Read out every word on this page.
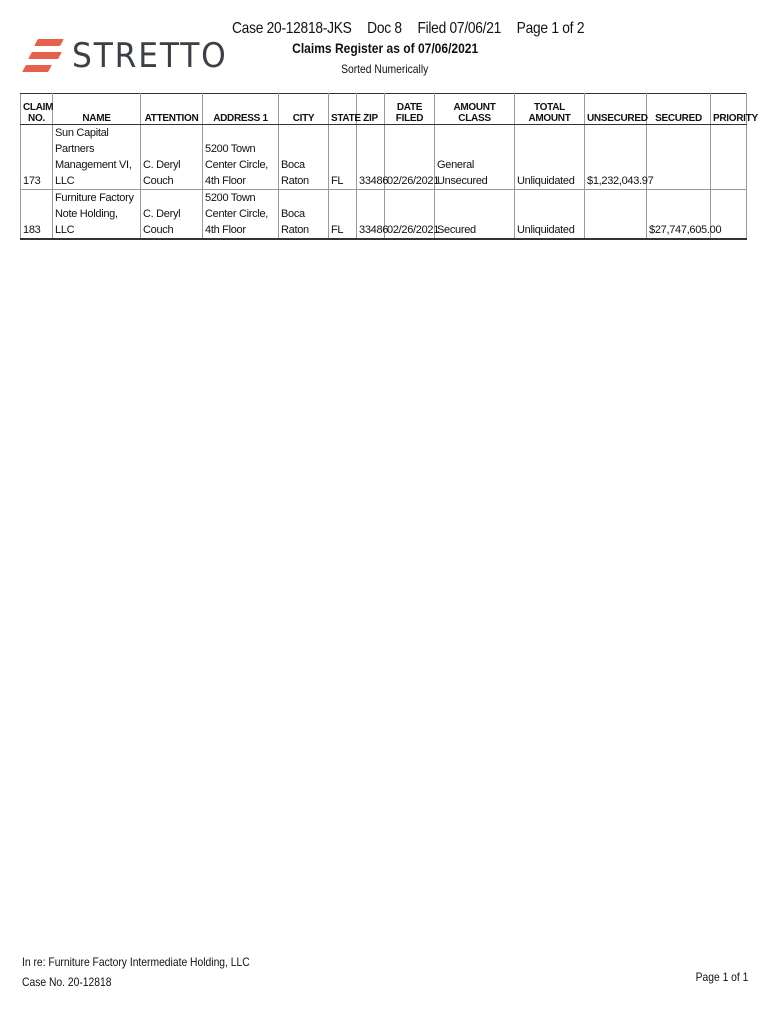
Case 20-12818-JKS Doc 8 Filed 07/06/21 Page 1 of 2
STRETTO	Claims Register as of 07/06/2021
Sorted Numerically
CLAIM NO.	NAME	ATTENTION	ADDRESS 1	CITY	STATE	ZIP	DATE FILED	AMOUNT CLASS	TOTAL AMOUNT	UNSECURED	SECURED	PRIORITY
173	Sun Capital Partners Management VI, LLC	C. Deryl Couch	5200 Town Center Circle, 4th Floor	Boca Raton	FL	33486	02/26/2021	General Unsecured	Unliquidated	$1,232,043.97		
183	Furniture Factory Note Holding, LLC	C. Deryl Couch	5200 Town Center Circle, 4th Floor	Boca Raton	FL	33486	02/26/2021	Secured	Unliquidated		$27,747,605.00	
In re: Furniture Factory Intermediate Holding, LLC
Case No. 20-12818	Page 1 of 1
